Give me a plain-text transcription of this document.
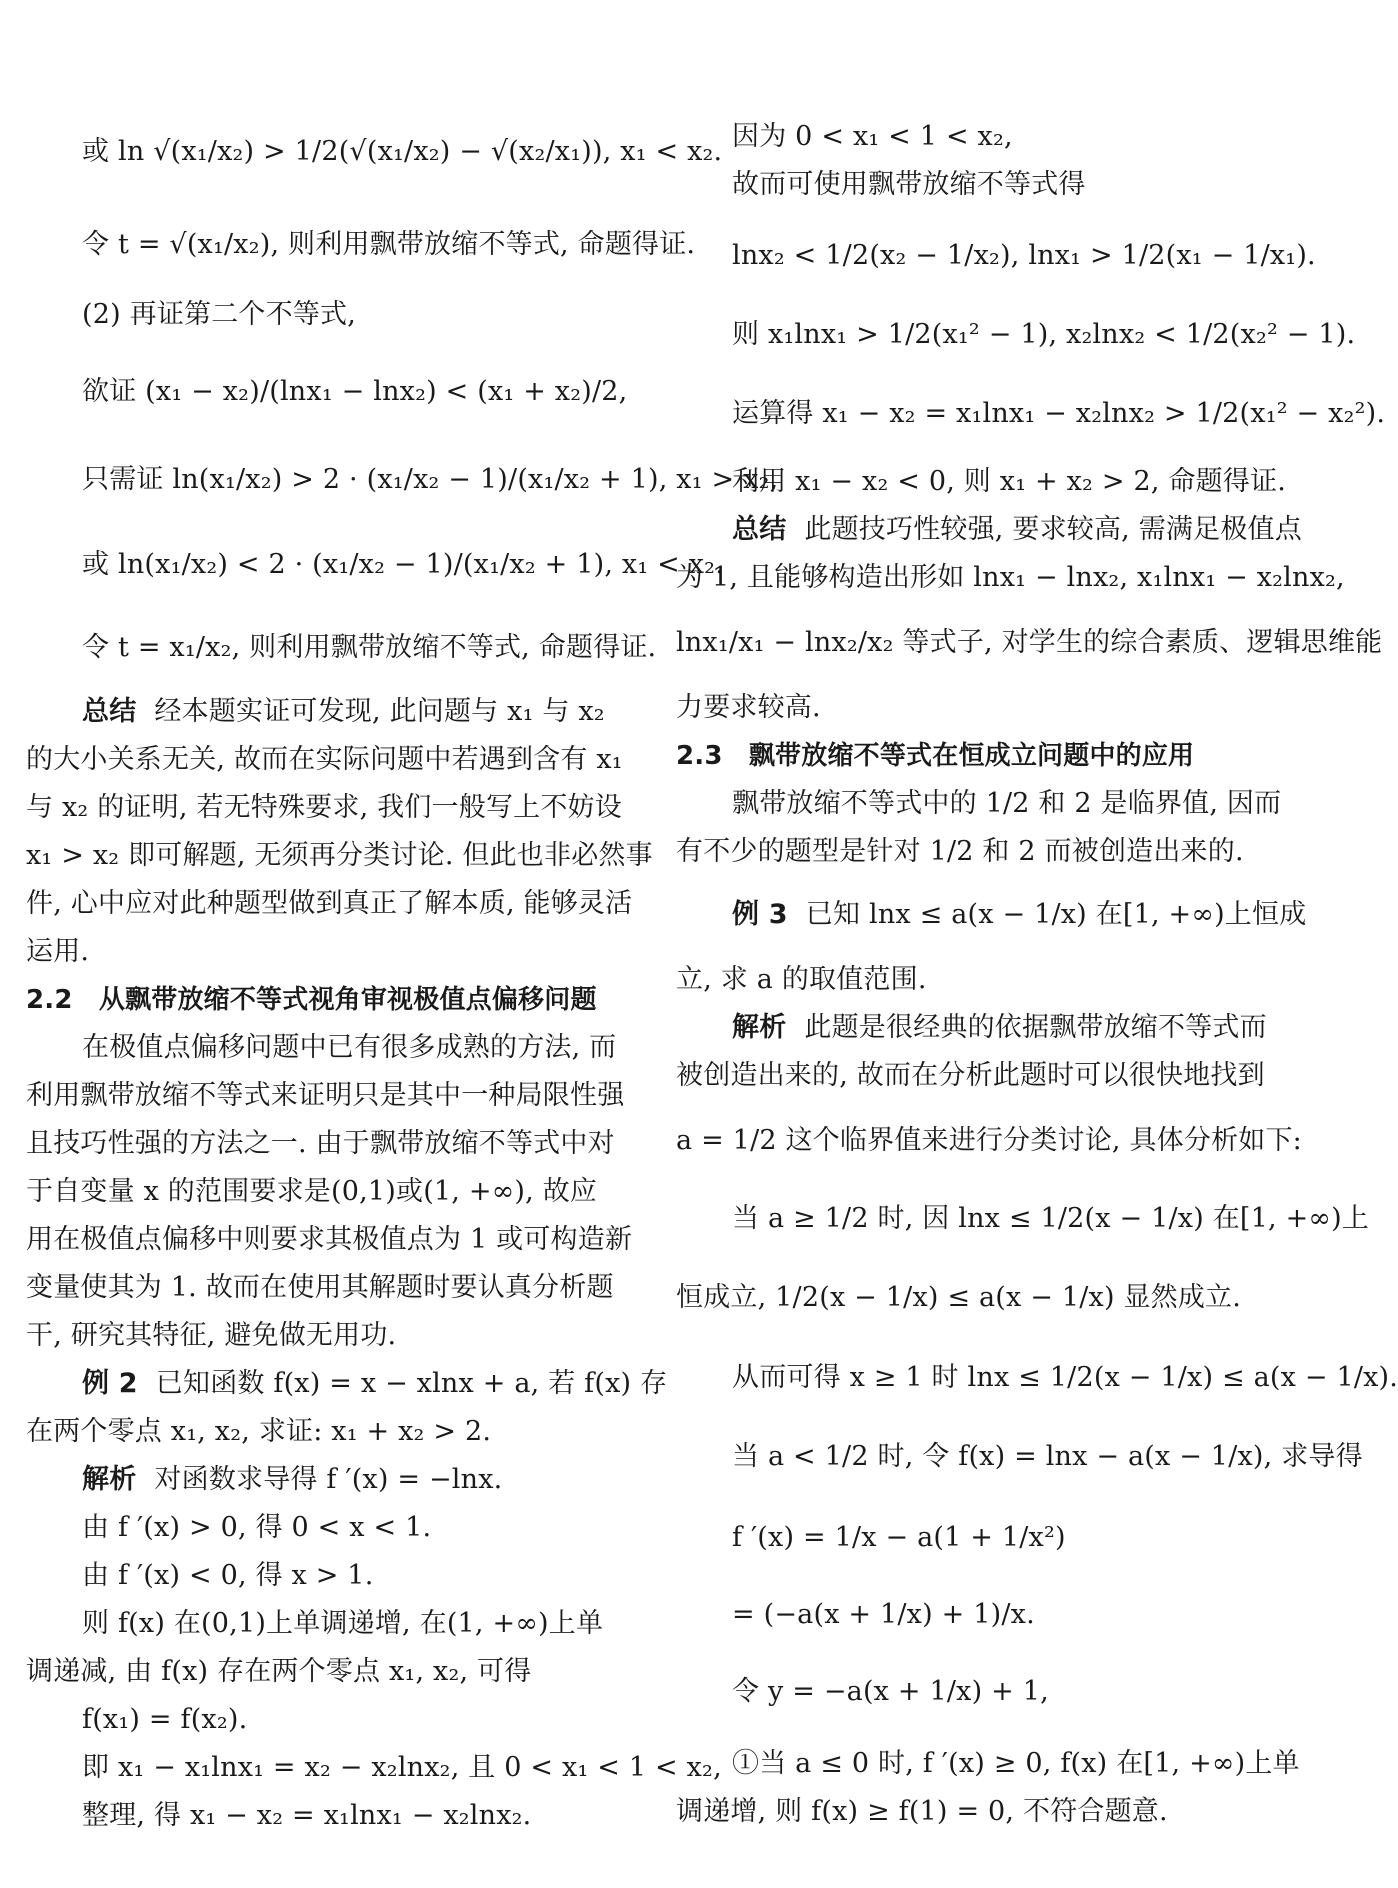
或 ln √(x₁/x₂) > 1/2(√(x₁/x₂) − √(x₂/x₁)), x₁ < x₂.
令 t = √(x₁/x₂), 则利用飘带放缩不等式, 命题得证.
(2) 再证第二个不等式,
欲证 (x₁ − x₂)/(lnx₁ − lnx₂) < (x₁ + x₂)/2,
只需证 ln(x₁/x₂) > 2 · (x₁/x₂ − 1)/(x₁/x₂ + 1), x₁ > x₂,
或 ln(x₁/x₂) < 2 · (x₁/x₂ − 1)/(x₁/x₂ + 1), x₁ < x₂.
令 t = x₁/x₂, 则利用飘带放缩不等式, 命题得证.
总结 经本题实证可发现, 此问题与 x₁ 与 x₂
的大小关系无关, 故而在实际问题中若遇到含有 x₁
与 x₂ 的证明, 若无特殊要求, 我们一般写上不妨设
x₁ > x₂ 即可解题, 无须再分类讨论. 但此也非必然事
件, 心中应对此种题型做到真正了解本质, 能够灵活
运用.
2.2　从飘带放缩不等式视角审视极值点偏移问题
在极值点偏移问题中已有很多成熟的方法, 而
利用飘带放缩不等式来证明只是其中一种局限性强
且技巧性强的方法之一. 由于飘带放缩不等式中对
于自变量 x 的范围要求是(0,1)或(1, +∞), 故应
用在极值点偏移中则要求其极值点为 1 或可构造新
变量使其为 1. 故而在使用其解题时要认真分析题
干, 研究其特征, 避免做无用功.
例 2 已知函数 f(x) = x − xlnx + a, 若 f(x) 存
在两个零点 x₁, x₂, 求证: x₁ + x₂ > 2.
解析 对函数求导得 f ′(x) = −lnx.
由 f ′(x) > 0, 得 0 < x < 1.
由 f ′(x) < 0, 得 x > 1.
则 f(x) 在(0,1)上单调递增, 在(1, +∞)上单
调递减, 由 f(x) 存在两个零点 x₁, x₂, 可得
f(x₁) = f(x₂).
即 x₁ − x₁lnx₁ = x₂ − x₂lnx₂, 且 0 < x₁ < 1 < x₂,
整理, 得 x₁ − x₂ = x₁lnx₁ − x₂lnx₂.
因为 0 < x₁ < 1 < x₂,
故而可使用飘带放缩不等式得
lnx₂ < 1/2(x₂ − 1/x₂), lnx₁ > 1/2(x₁ − 1/x₁).
则 x₁lnx₁ > 1/2(x₁² − 1), x₂lnx₂ < 1/2(x₂² − 1).
运算得 x₁ − x₂ = x₁lnx₁ − x₂lnx₂ > 1/2(x₁² − x₂²).
利用 x₁ − x₂ < 0, 则 x₁ + x₂ > 2, 命题得证.
总结 此题技巧性较强, 要求较高, 需满足极值点
为 1, 且能够构造出形如 lnx₁ − lnx₂, x₁lnx₁ − x₂lnx₂,
lnx₁/x₁ − lnx₂/x₂ 等式子, 对学生的综合素质、逻辑思维能
力要求较高.
2.3　飘带放缩不等式在恒成立问题中的应用
飘带放缩不等式中的 1/2 和 2 是临界值, 因而
有不少的题型是针对 1/2 和 2 而被创造出来的.
例 3 已知 lnx ≤ a(x − 1/x) 在[1, +∞)上恒成
立, 求 a 的取值范围.
解析 此题是很经典的依据飘带放缩不等式而
被创造出来的, 故而在分析此题时可以很快地找到
a = 1/2 这个临界值来进行分类讨论, 具体分析如下:
当 a ≥ 1/2 时, 因 lnx ≤ 1/2(x − 1/x) 在[1, +∞)上
恒成立, 1/2(x − 1/x) ≤ a(x − 1/x) 显然成立.
从而可得 x ≥ 1 时 lnx ≤ 1/2(x − 1/x) ≤ a(x − 1/x).
当 a < 1/2 时, 令 f(x) = lnx − a(x − 1/x), 求导得
f ′(x) = 1/x − a(1 + 1/x²)
= (−a(x + 1/x) + 1)/x.
令 y = −a(x + 1/x) + 1,
①当 a ≤ 0 时, f ′(x) ≥ 0, f(x) 在[1, +∞)上单
调递增, 则 f(x) ≥ f(1) = 0, 不符合题意.
